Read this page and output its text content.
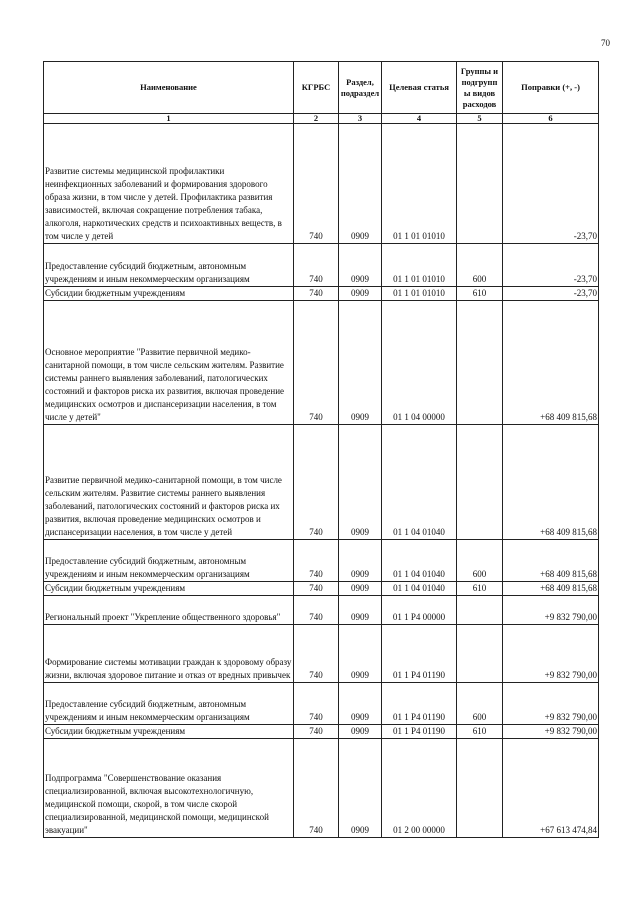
70
Наименование	КГРБС	Раздел, подраздел	Целевая статья	Группы и подгрупп ы видов расходов	Поправки (+, -)
1	2	3	4	5	6
Развитие системы медицинской профилактики неинфекционных заболеваний и формирования здорового образа жизни, в том числе у детей. Профилактика развития зависимостей, включая сокращение потребления табака, алкоголя, наркотических средств и психоактивных веществ, в том числе у детей	740	0909	01 1 01 01010		-23,70
Предоставление субсидий бюджетным, автономным учреждениям и иным некоммерческим организациям	740	0909	01 1 01 01010	600	-23,70
Субсидии бюджетным учреждениям	740	0909	01 1 01 01010	610	-23,70
Основное мероприятие "Развитие первичной медико-санитарной помощи, в том числе сельским жителям. Развитие системы раннего выявления заболеваний, патологических состояний и факторов риска их развития, включая проведение медицинских осмотров и диспансеризации населения, в том числе у детей"	740	0909	01 1 04 00000		+68 409 815,68
Развитие первичной медико-санитарной помощи, в том числе сельским жителям. Развитие системы раннего выявления заболеваний, патологических состояний и факторов риска их развития, включая проведение медицинских осмотров и диспансеризации населения, в том числе у детей	740	0909	01 1 04 01040		+68 409 815,68
Предоставление субсидий бюджетным, автономным учреждениям и иным некоммерческим организациям	740	0909	01 1 04 01040	600	+68 409 815,68
Субсидии бюджетным учреждениям	740	0909	01 1 04 01040	610	+68 409 815,68
Региональный проект "Укрепление общественного здоровья"	740	0909	01 1 P4 00000		+9 832 790,00
Формирование системы мотивации граждан к здоровому образу жизни, включая здоровое питание и отказ от вредных привычек	740	0909	01 1 P4 01190		+9 832 790,00
Предоставление субсидий бюджетным, автономным учреждениям и иным некоммерческим организациям	740	0909	01 1 P4 01190	600	+9 832 790,00
Субсидии бюджетным учреждениям	740	0909	01 1 P4 01190	610	+9 832 790,00
Подпрограмма "Совершенствование оказания специализированной, включая высокотехнологичную, медицинской помощи, скорой, в том числе скорой специализированной, медицинской помощи, медицинской эвакуации"	740	0909	01 2 00 00000		+67 613 474,84
